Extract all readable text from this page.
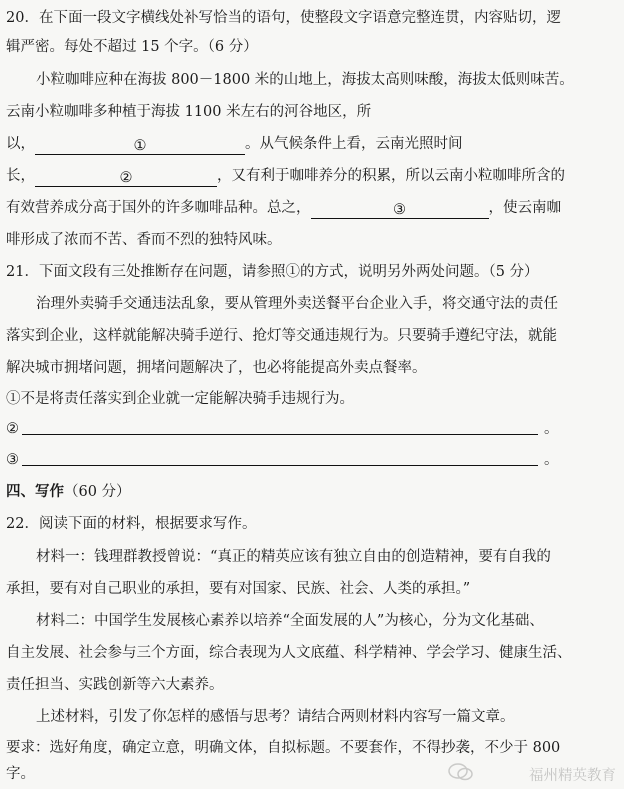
20．在下面一段文字横线处补写恰当的语句，使整段文字语意完整连贯，内容贴切，逻
辑严密。每处不超过 15 个字。（6 分）
小粒咖啡应种在海拔 800－1800 米的山地上，海拔太高则味酸，海拔太低则味苦。
云南小粒咖啡多种植于海拔 1100 米左右的河谷地区，所
以，	①	。从气候条件上看，云南光照时间
长，	②	，又有利于咖啡养分的积累，所以云南小粒咖啡所含的
有效营养成分高于国外的许多咖啡品种。总之，	③	，使云南咖
啡形成了浓而不苦、香而不烈的独特风味。
21．下面文段有三处推断存在问题，请参照①的方式，说明另外两处问题。（5 分）
治理外卖骑手交通违法乱象，要从管理外卖送餐平台企业入手，将交通守法的责任
落实到企业，这样就能解决骑手逆行、抢灯等交通违规行为。只要骑手遵纪守法，就能
解决城市拥堵问题，拥堵问题解决了，也必将能提高外卖点餐率。
①不是将责任落实到企业就一定能解决骑手违规行为。
②	。
③	。
四、写作（60 分）
22．阅读下面的材料，根据要求写作。
材料一：钱理群教授曾说：“真正的精英应该有独立自由的创造精神，要有自我的
承担，要有对自己职业的承担，要有对国家、民族、社会、人类的承担。”
材料二：中国学生发展核心素养以培养“全面发展的人”为核心，分为文化基础、
自主发展、社会参与三个方面，综合表现为人文底蕴、科学精神、学会学习、健康生活、
责任担当、实践创新等六大素养。
上述材料，引发了你怎样的感悟与思考？请结合两则材料内容写一篇文章。
要求：选好角度，确定立意，明确文体，自拟标题。不要套作，不得抄袭，不少于 800
字。	福州精英教育
